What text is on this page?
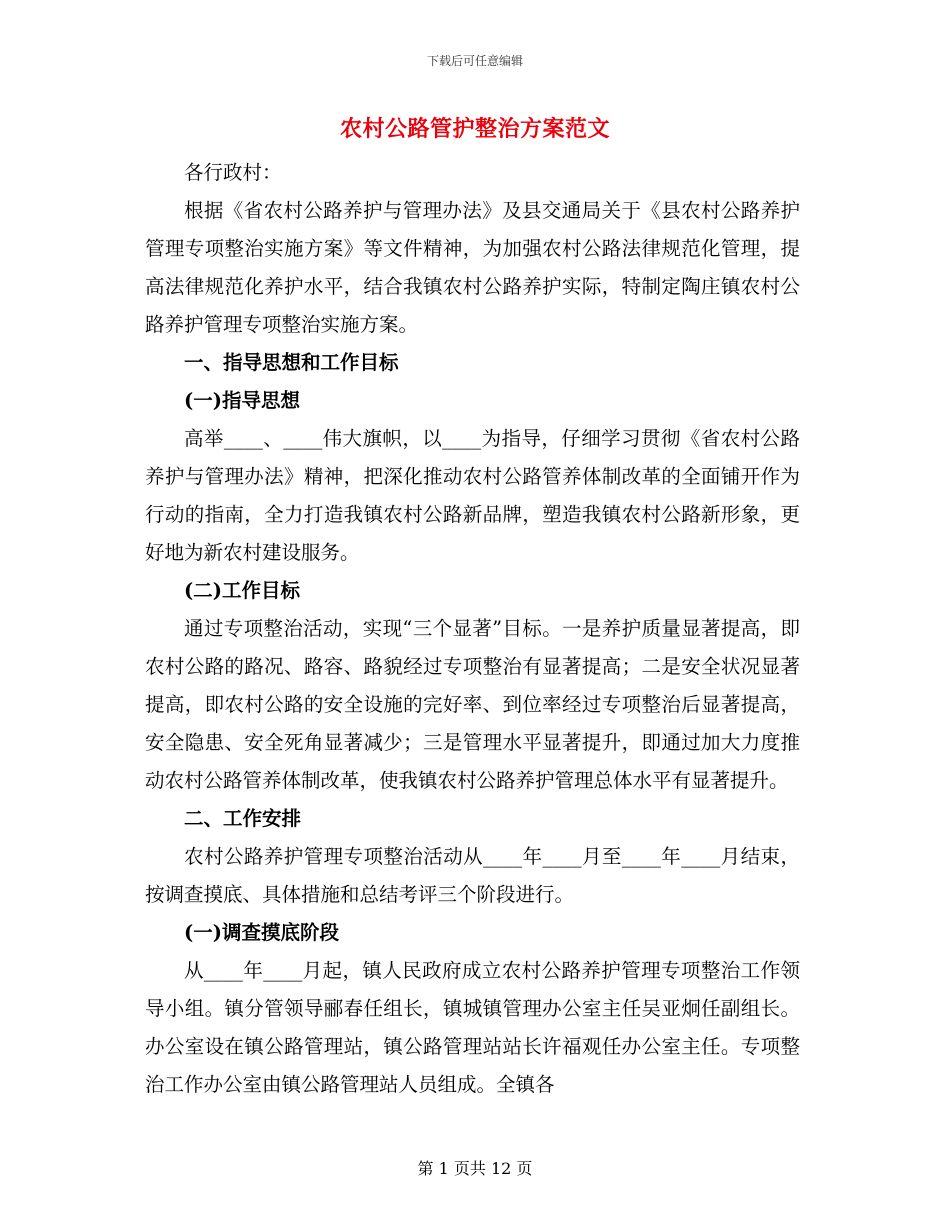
下载后可任意编辑
农村公路管护整治方案范文

各行政村：

根据《省农村公路养护与管理办法》及县交通局关于《县农村公路养护管理专项整治实施方案》等文件精神，为加强农村公路法律规范化管理，提高法律规范化养护水平，结合我镇农村公路养护实际，特制定陶庄镇农村公路养护管理专项整治实施方案。

一、指导思想和工作目标

(一)指导思想

高举____、____伟大旗帜，以____为指导，仔细学习贯彻《省农村公路养护与管理办法》精神，把深化推动农村公路管养体制改革的全面铺开作为行动的指南，全力打造我镇农村公路新品牌，塑造我镇农村公路新形象，更好地为新农村建设服务。

(二)工作目标

通过专项整治活动，实现“三个显著”目标。一是养护质量显著提高，即农村公路的路况、路容、路貌经过专项整治有显著提高；二是安全状况显著提高，即农村公路的安全设施的完好率、到位率经过专项整治后显著提高，安全隐患、安全死角显著减少；三是管理水平显著提升，即通过加大力度推动农村公路管养体制改革，使我镇农村公路养护管理总体水平有显著提升。

二、工作安排

农村公路养护管理专项整治活动从____年____月至____年____月结束，按调查摸底、具体措施和总结考评三个阶段进行。

(一)调查摸底阶段

从____年____月起，镇人民政府成立农村公路养护管理专项整治工作领导小组。镇分管领导郦春任组长，镇城镇管理办公室主任吴亚炯任副组长。办公室设在镇公路管理站，镇公路管理站站长许福观任办公室主任。专项整治工作办公室由镇公路管理站人员组成。全镇各

第 1 页共 12 页
